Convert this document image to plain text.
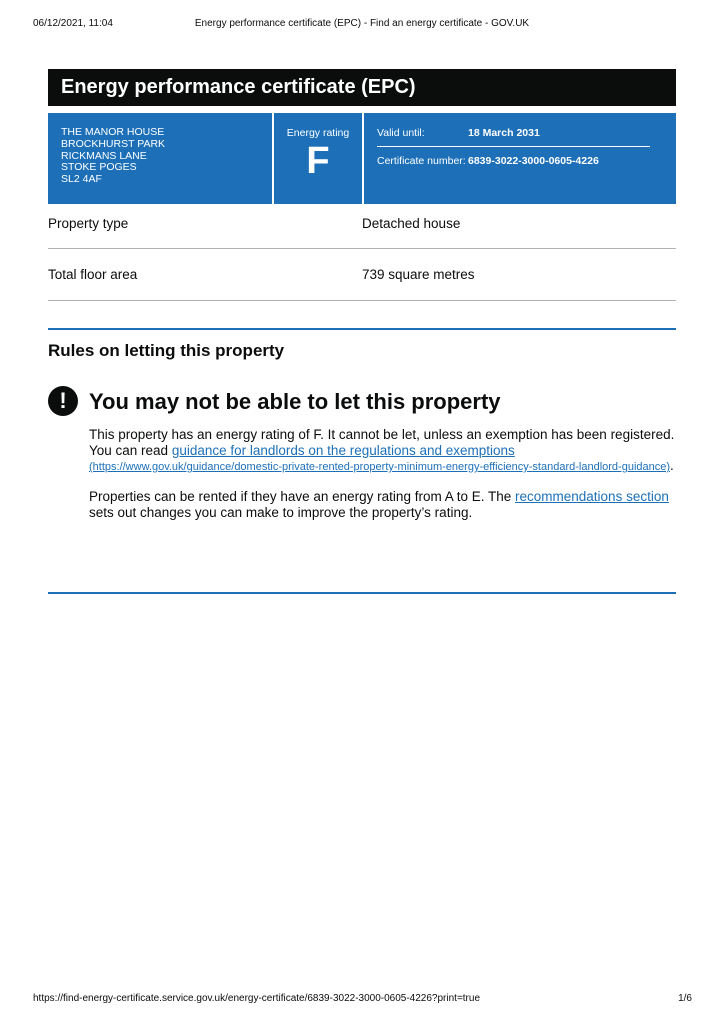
06/12/2021, 11:04	Energy performance certificate (EPC) - Find an energy certificate - GOV.UK
Energy performance certificate (EPC)
THE MANOR HOUSE
BROCKHURST PARK
RICKMANS LANE
STOKE POGES
SL2 4AF
Energy rating
F
Valid until:	18 March 2031
Certificate number: 6839-3022-3000-0605-4226
Property type	Detached house
Total floor area	739 square metres
Rules on letting this property
!	You may not be able to let this property

This property has an energy rating of F. It cannot be let, unless an exemption has been registered. You can read guidance for landlords on the regulations and exemptions
(https://www.gov.uk/guidance/domestic-private-rented-property-minimum-energy-efficiency-standard-landlord-guidance).

Properties can be rented if they have an energy rating from A to E. The recommendations section sets out changes you can make to improve the property’s rating.

https://find-energy-certificate.service.gov.uk/energy-certificate/6839-3022-3000-0605-4226?print=true	1/6
